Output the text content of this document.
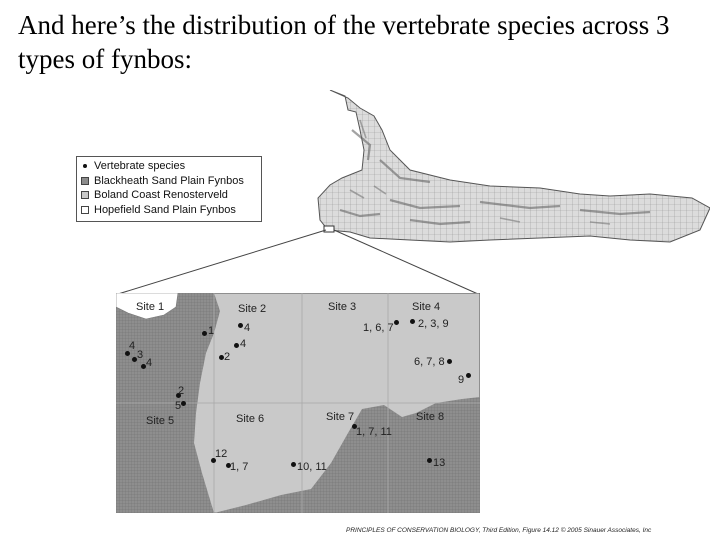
And here’s the distribution of the vertebrate species across 3 types of fynbos:
Vertebrate species
Blackheath Sand Plain Fynbos
Boland Coast Renosterveld
Hopefield Sand Plain Fynbos
Site 1	Site 2	Site 3	Site 4
Site 5	Site 6	Site 7	Site 8
1	4
4
2
4
3
4
1, 6, 7 2, 3, 9
6, 7, 8
9
2
5
1, 7, 11
13
12
1, 7	10, 11
PRINCIPLES OF CONSERVATION BIOLOGY, Third Edition, Figure 14.12 © 2005 Sinauer Associates, Inc
